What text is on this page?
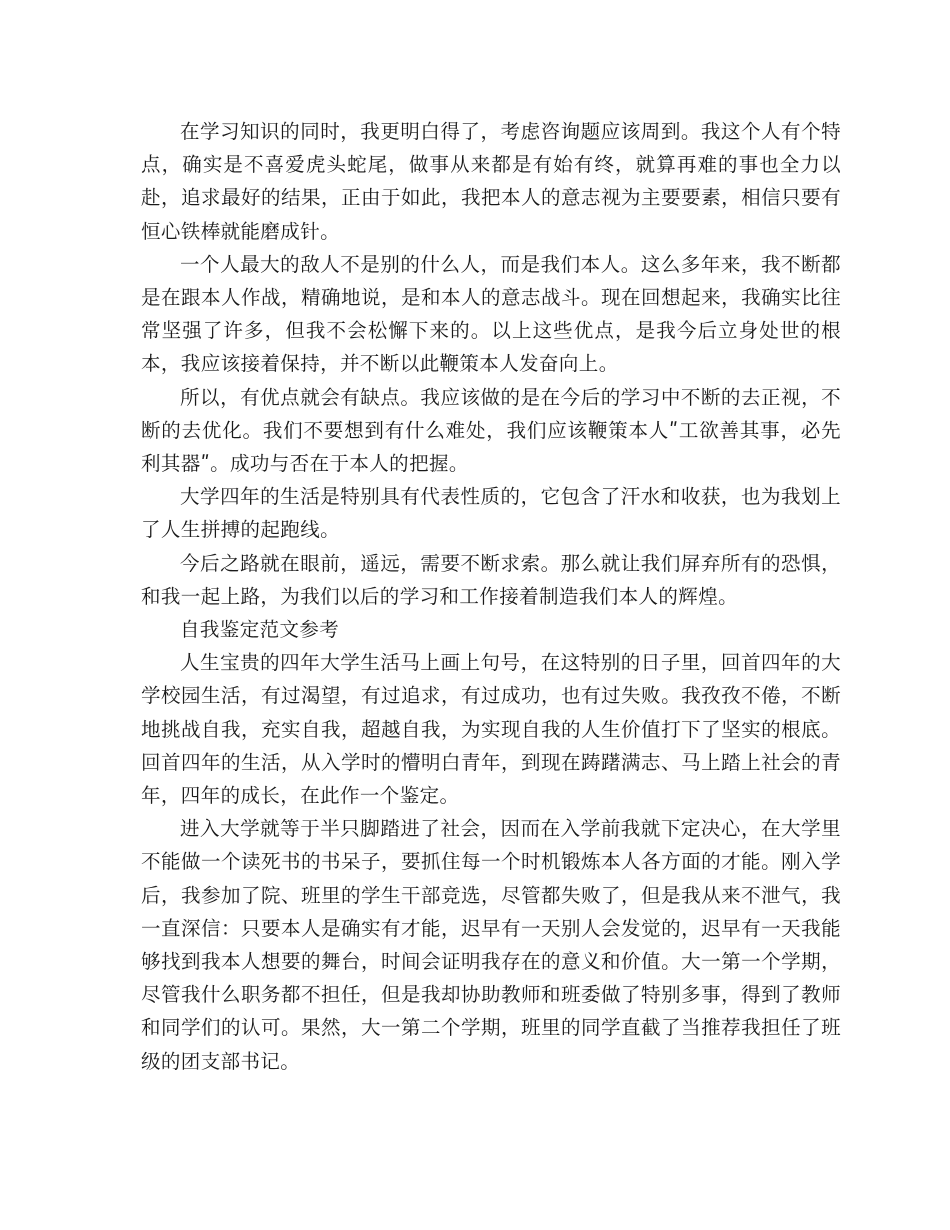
在学习知识的同时，我更明白得了，考虑咨询题应该周到。我这个人有个特点，确实是不喜爱虎头蛇尾，做事从来都是有始有终，就算再难的事也全力以赴，追求最好的结果，正由于如此，我把本人的意志视为主要要素，相信只要有恒心铁棒就能磨成针。

一个人最大的敌人不是别的什么人，而是我们本人。这么多年来，我不断都是在跟本人作战，精确地说，是和本人的意志战斗。现在回想起来，我确实比往常坚强了许多，但我不会松懈下来的。以上这些优点，是我今后立身处世的根本，我应该接着保持，并不断以此鞭策本人发奋向上。

所以，有优点就会有缺点。我应该做的是在今后的学习中不断的去正视，不断的去优化。我们不要想到有什么难处，我们应该鞭策本人ʺ工欲善其事，必先利其器ʺ。成功与否在于本人的把握。

大学四年的生活是特别具有代表性质的，它包含了汗水和收获，也为我划上了人生拼搏的起跑线。

今后之路就在眼前，遥远，需要不断求索。那么就让我们屏弃所有的恐惧，和我一起上路，为我们以后的学习和工作接着制造我们本人的辉煌。

自我鉴定范文参考

人生宝贵的四年大学生活马上画上句号，在这特别的日子里，回首四年的大学校园生活，有过渴望，有过追求，有过成功，也有过失败。我孜孜不倦，不断地挑战自我，充实自我，超越自我，为实现自我的人生价值打下了坚实的根底。回首四年的生活，从入学时的懵明白青年，到现在踌躇满志、马上踏上社会的青年，四年的成长，在此作一个鉴定。

进入大学就等于半只脚踏进了社会，因而在入学前我就下定决心，在大学里不能做一个读死书的书呆子，要抓住每一个时机锻炼本人各方面的才能。刚入学后，我参加了院、班里的学生干部竞选，尽管都失败了，但是我从来不泄气，我一直深信：只要本人是确实有才能，迟早有一天别人会发觉的，迟早有一天我能够找到我本人想要的舞台，时间会证明我存在的意义和价值。大一第一个学期，尽管我什么职务都不担任，但是我却协助教师和班委做了特别多事，得到了教师和同学们的认可。果然，大一第二个学期，班里的同学直截了当推荐我担任了班级的团支部书记。
